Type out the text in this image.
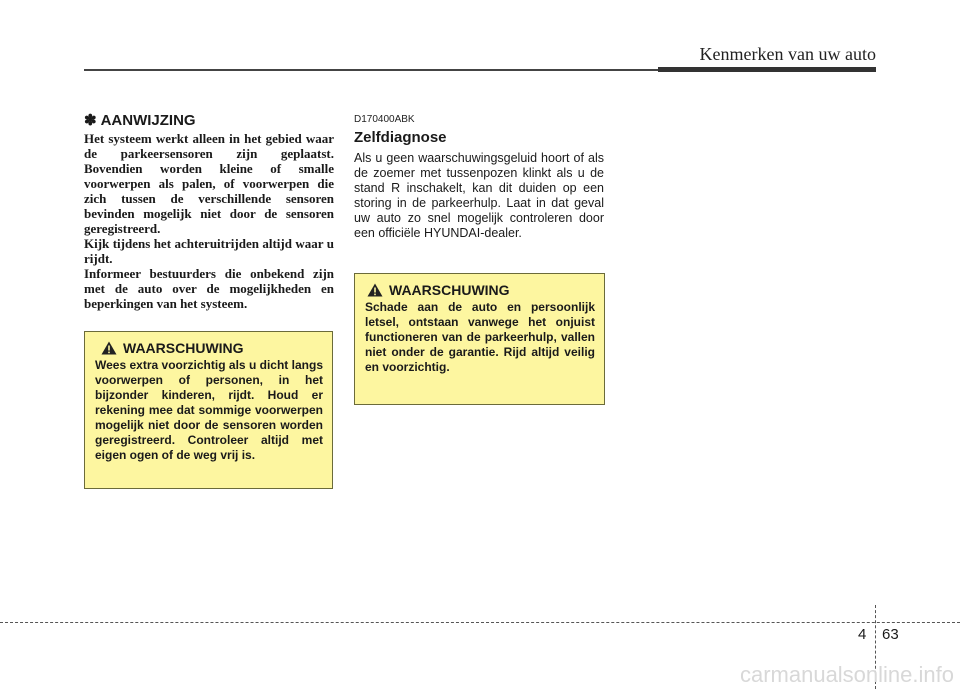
Kenmerken van uw auto
✽ AANWIJZING

Het systeem werkt alleen in het gebied waar de parkeersensoren zijn geplaatst. Bovendien worden kleine of smalle voorwerpen als palen, of voorwerpen die zich tussen de verschillende sensoren bevinden mogelijk niet door de sensoren geregistreerd.

Kijk tijdens het achteruitrijden altijd waar u rijdt.

Informeer bestuurders die onbekend zijn met de auto over de mogelijkheden en beperkingen van het systeem.

WAARSCHUWING
Wees extra voorzichtig als u dicht langs voorwerpen of personen, in het bijzonder kinderen, rijdt. Houd er rekening mee dat sommige voorwerpen mogelijk niet door de sensoren worden geregistreerd. Controleer altijd met eigen ogen of de weg vrij is.
D170400ABK
Zelfdiagnose
Als u geen waarschuwingsgeluid hoort of als de zoemer met tussenpozen klinkt als u de stand R inschakelt, kan dit duiden op een storing in de parkeerhulp. Laat in dat geval uw auto zo snel mogelijk controleren door een officiële HYUNDAI-dealer.
WAARSCHUWING
Schade aan de auto en persoonlijk letsel, ontstaan vanwege het onjuist functioneren van de parkeerhulp, vallen niet onder de garantie. Rijd altijd veilig en voorzichtig.
4 63
carmanualsonline.info
